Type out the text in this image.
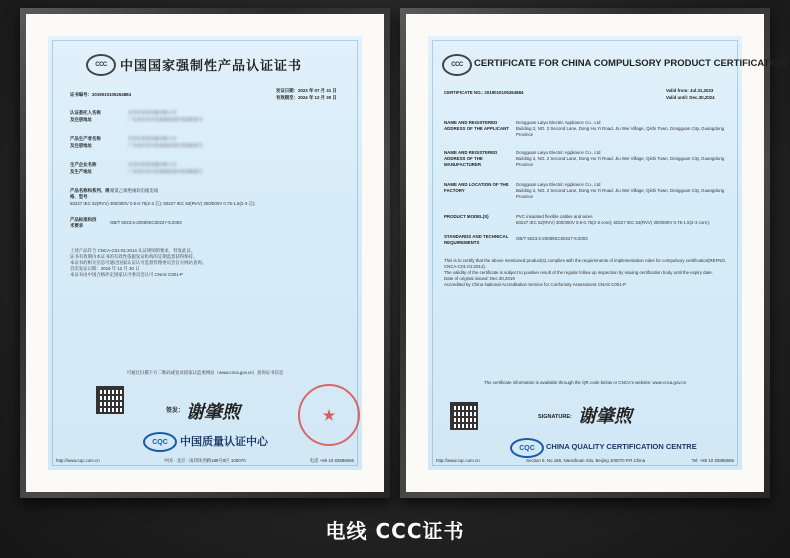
CCC	中国国家强制性产品认证证书
证书编号：2019010105264884
发证日期：2023 年 07 月 31 日
有效期至：2024 年 12 月 30 日
认证委托人名称	东莞市某某电器有限公司
及注册地址	广东省东莞市某某镇某某村某某路某号
产品生产者名称	东莞市某某电器有限公司
及注册地址	广东省东莞市某某镇某某村某某路某号
生产企业名称	东莞市某某电器有限公司
及生产地址	广东省东莞市某某镇某某村某某路某号
产品名称和系列、规格、型号
聚氯乙烯绝缘软电缆电线
60227 IEC 52(RVV) 300/300V 0.5-0.75(2-3 芯); 60227 IEC 53(RVV) 300/500V 0.75-1.5(2-3 芯);
产品标准和技术要求
GB/T 5023.5-2008/IEC60227-5:2003
上述产品符合 CNCA-C01-01:2014 认证规则的要求，特发此证。
证书有效期内本证书的有效性依据发证机构的定期监督获得保持。
本证书的相关信息可通过国家认证认可监督管理委员会官方网站查询。
首次发证日期：2019 年 12 月 30 日
本证书由中国合格评定国家认可委员会认可 CNAS C001-P
可通过扫描下方二维码或登录国家认监委网站（www.cnca.gov.cn）查询证书信息
★
签发： 谢肇煦
CQC	中国质量认证中心
http://www.cqc.com.cn	中国 · 北京 · 南四环西路188号9区 100070	电话 +86 10 83886666
CCC	CERTIFICATE FOR CHINA COMPULSORY PRODUCT CERTIFICATION
CERTIFICATE NO.: 2019010105264884	Valid from: Jul.31,2023
Valid until: Dec.30,2024
NAME AND REGISTERED ADDRESS OF THE APPLICANT
Dongguan Laiyu Electric Appliance Co., Ltd
Building 2, NO. 2 Second Lane, Dong Hu Yi Road, Jiu Wei Village, Qishi Town, Dongguan City, Guangdong Province
NAME AND REGISTERED ADDRESS OF THE MANUFACTURER
Dongguan Laiyu Electric Appliance Co., Ltd
Building 2, NO. 2 Second Lane, Dong Hu Yi Road, Jiu Wei Village, Qishi Town, Dongguan City, Guangdong Province
NAME AND LOCATION OF THE FACTORY
Dongguan Laiyu Electric Appliance Co., Ltd
Building 2, NO. 2 Second Lane, Dong Hu Yi Road, Jiu Wei Village, Qishi Town, Dongguan City, Guangdong Province
PRODUCT MODEL(S)	PVC insulated flexible cables and wires
60227 IEC 52(RVV) 300/300V 0.5-0.75(2-3 core); 60227 IEC 53(RVV) 300/500V 0.75-1.5(2-3 core);
STANDARDS AND TECHNICAL REQUIREMENTS
GB/T 5023.5-2008/IEC60227-5:2003
This is to certify that the above mentioned product(s) complies with the requirements of implementation rules for compulsory certification(REFNO. CNCA-C01-01:2014).
The validity of the certificate is subject to positive result of the regular follow up inspection by issuing certification body until the expiry date.
Date of original issued: Dec.30,2019
Accredited by China National Accreditation Service for Conformity Assessment CNAS C001-P
The certificate information is available through the QR code below or CNCA's website: www.cnca.gov.cn
SIGNATURE: 谢肇煦
CQC	CHINA QUALITY CERTIFICATION CENTRE
http://www.cqc.com.cn	Section 9, No.188, Nansihuan Xilu, Beijing 100070 P.R.China	Tel: +86 10 83886666
电线 CCC证书
